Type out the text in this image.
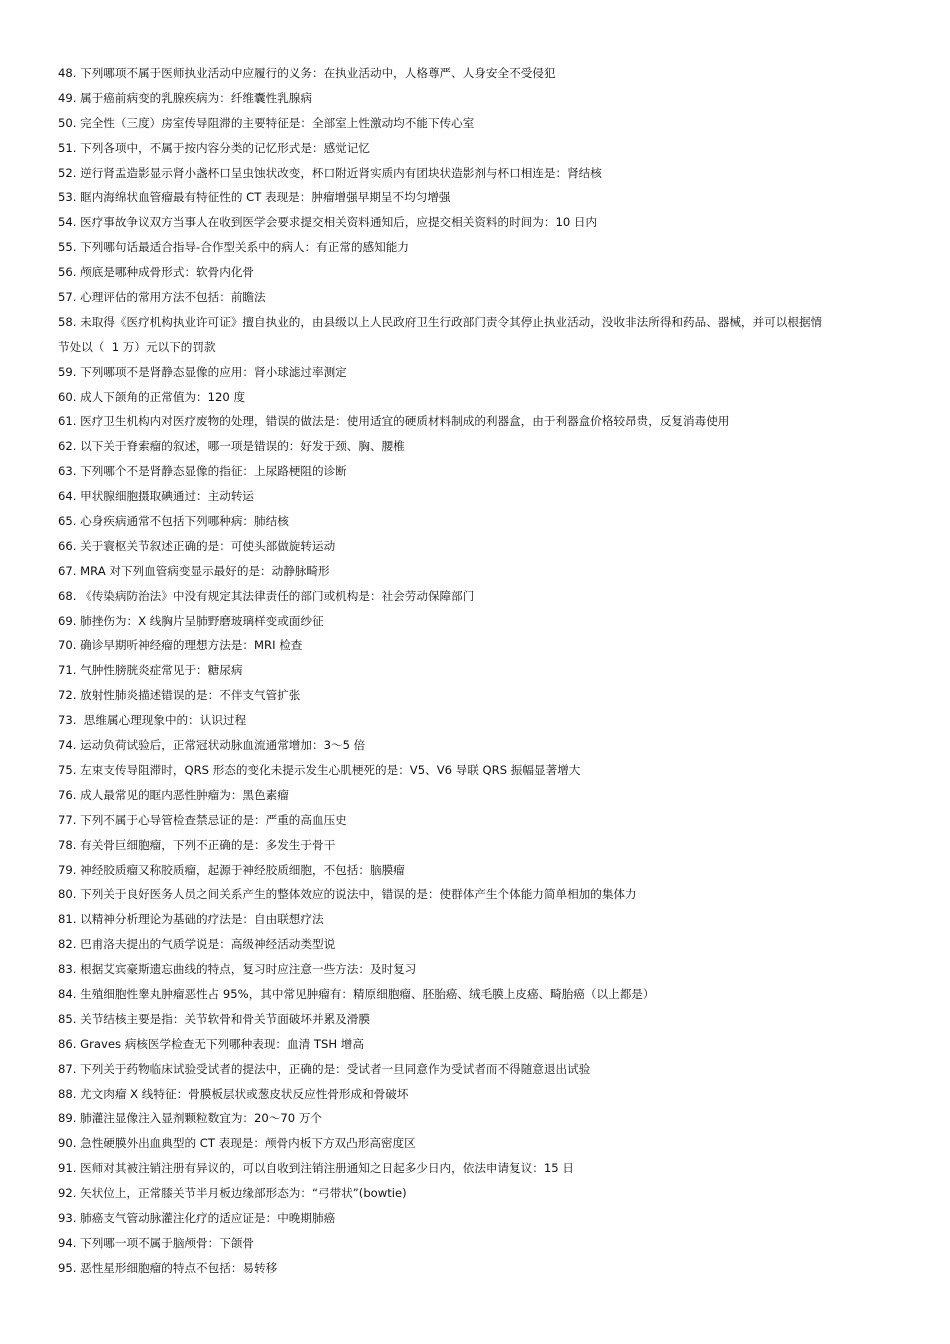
48. 下列哪项不属于医师执业活动中应履行的义务：在执业活动中，人格尊严、人身安全不受侵犯
49. 属于癌前病变的乳腺疾病为：纤维囊性乳腺病
50. 完全性（三度）房室传导阻滞的主要特征是：全部室上性激动均不能下传心室
51. 下列各项中，不属于按内容分类的记忆形式是：感觉记忆
52. 逆行肾盂造影显示肾小盏杯口呈虫蚀状改变，杯口附近肾实质内有团块状造影剂与杯口相连是：肾结核
53. 眶内海绵状血管瘤最有特征性的 CT 表现是：肿瘤增强早期呈不均匀增强
54. 医疗事故争议双方当事人在收到医学会要求提交相关资料通知后，应提交相关资料的时间为：10 日内
55. 下列哪句话最适合指导-合作型关系中的病人：有正常的感知能力
56. 颅底是哪种成骨形式：软骨内化骨
57. 心理评估的常用方法不包括：前瞻法
58. 未取得《医疗机构执业许可证》擅自执业的，由县级以上人民政府卫生行政部门责令其停止执业活动，没收非法所得和药品、器械，并可以根据情
节处以（  1 万）元以下的罚款
59. 下列哪项不是肾静态显像的应用：肾小球滤过率测定
60. 成人下颌角的正常值为：120 度
61. 医疗卫生机构内对医疗废物的处理，错误的做法是：使用适宜的硬质材料制成的利器盒，由于利器盒价格较昂贵，反复消毒使用
62. 以下关于脊索瘤的叙述，哪一项是错误的：好发于颈、胸、腰椎
63. 下列哪个不是肾静态显像的指征：上尿路梗阻的诊断
64. 甲状腺细胞摄取碘通过：主动转运
65. 心身疾病通常不包括下列哪种病：肺结核
66. 关于寰枢关节叙述正确的是：可使头部做旋转运动
67. MRA 对下列血管病变显示最好的是：动静脉畸形
68. 《传染病防治法》中没有规定其法律责任的部门或机构是：社会劳动保障部门
69. 肺挫伤为：X 线胸片呈肺野磨玻璃样变或面纱征
70. 确诊早期听神经瘤的理想方法是：MRI 检查
71. 气肿性膀胱炎症常见于：糖尿病
72. 放射性肺炎描述错误的是：不伴支气管扩张
73.  思维属心理现象中的：认识过程
74. 运动负荷试验后，正常冠状动脉血流通常增加：3～5 倍
75. 左束支传导阻滞时，QRS 形态的变化未提示发生心肌梗死的是：V5、V6 导联 QRS 振幅显著增大
76. 成人最常见的眶内恶性肿瘤为：黑色素瘤
77. 下列不属于心导管检查禁忌证的是：严重的高血压史
78. 有关骨巨细胞瘤，下列不正确的是：多发生于骨干
79. 神经胶质瘤又称胶质瘤，起源于神经胶质细胞，不包括：脑膜瘤
80. 下列关于良好医务人员之间关系产生的整体效应的说法中，错误的是：使群体产生个体能力简单相加的集体力
81. 以精神分析理论为基础的疗法是：自由联想疗法
82. 巴甫洛夫提出的气质学说是：高级神经活动类型说
83. 根据艾宾豪斯遗忘曲线的特点，复习时应注意一些方法：及时复习
84. 生殖细胞性睾丸肿瘤恶性占 95%，其中常见肿瘤有：精原细胞瘤、胚胎癌、绒毛膜上皮癌、畸胎癌（以上都是）
85. 关节结核主要是指：关节软骨和骨关节面破坏并累及滑膜
86. Graves 病核医学检查无下列哪种表现：血清 TSH 增高
87. 下列关于药物临床试验受试者的提法中，正确的是：受试者一旦同意作为受试者而不得随意退出试验
88. 尤文肉瘤 X 线特征：骨膜板层状或葱皮状反应性骨形成和骨破坏
89. 肺灌注显像注入显剂颗粒数宜为：20～70 万个
90. 急性硬膜外出血典型的 CT 表现是：颅骨内板下方双凸形高密度区
91. 医师对其被注销注册有异议的，可以自收到注销注册通知之日起多少日内，依法申请复议：15 日
92. 矢状位上，正常膝关节半月板边缘部形态为：“弓带状”(bowtie)
93. 肺癌支气管动脉灌注化疗的适应证是：中晚期肺癌
94. 下列哪一项不属于脑颅骨：下颌骨
95. 恶性星形细胞瘤的特点不包括：易转移
